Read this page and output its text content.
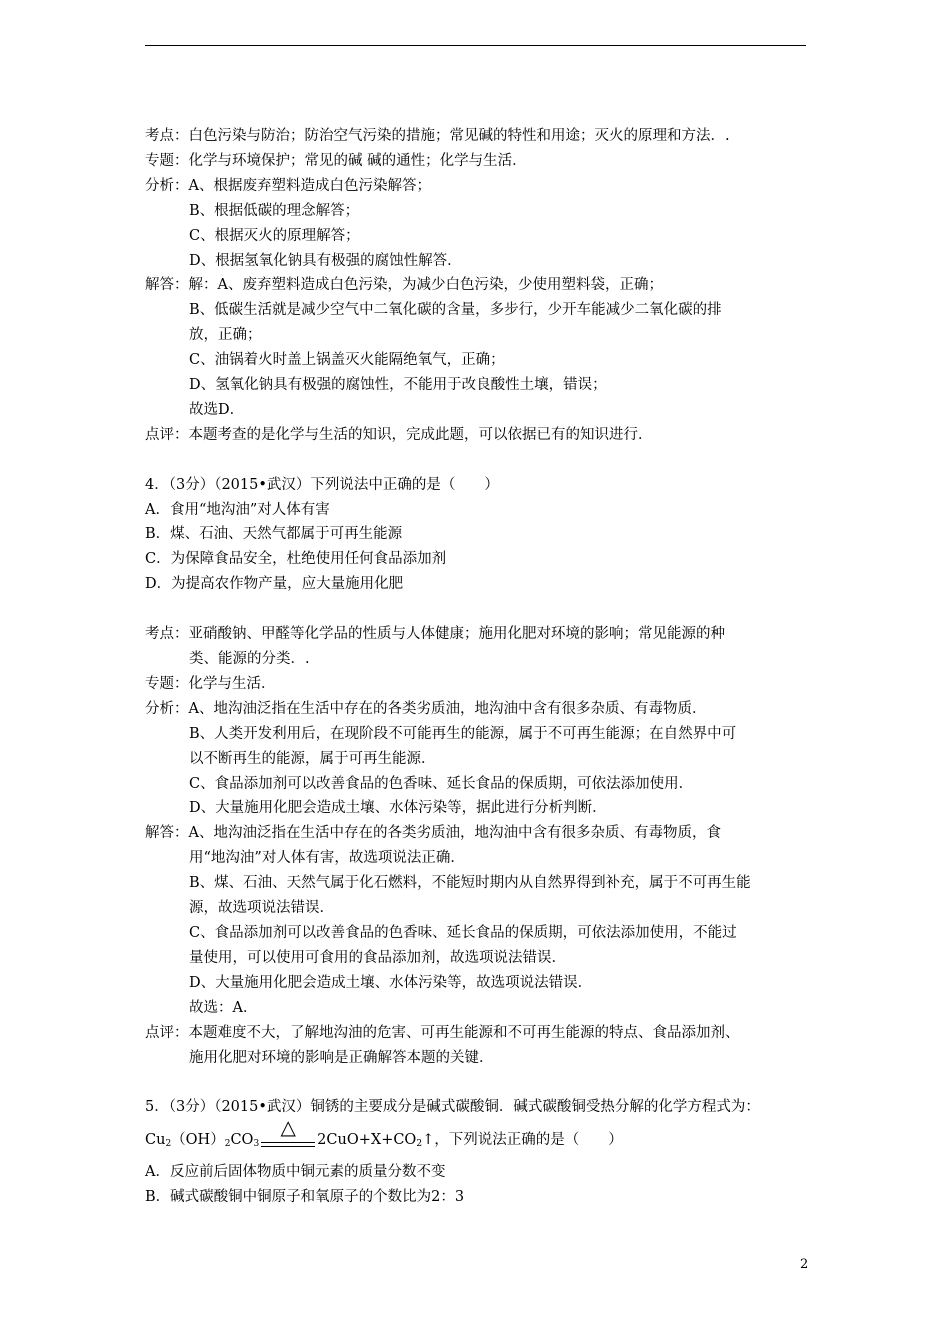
考点：白色污染与防治；防治空气污染的措施；常见碱的特性和用途；灭火的原理和方法．.
专题：化学与环境保护；常见的碱 碱的通性；化学与生活．
分析：A、根据废弃塑料造成白色污染解答；
B、根据低碳的理念解答；
C、根据灭火的原理解答；
D、根据氢氧化钠具有极强的腐蚀性解答．
解答：解：A、废弃塑料造成白色污染，为减少白色污染，少使用塑料袋，正确；
B、低碳生活就是减少空气中二氧化碳的含量，多步行，少开车能减少二氧化碳的排
放，正确；
C、油锅着火时盖上锅盖灭火能隔绝氧气，正确；
D、氢氧化钠具有极强的腐蚀性，不能用于改良酸性土壤，错误；
故选D．
点评：本题考查的是化学与生活的知识，完成此题，可以依据已有的知识进行．
4．（3分）（2015•武汉）下列说法中正确的是（　　）
A．食用“地沟油”对人体有害
B．煤、石油、天然气都属于可再生能源
C．为保障食品安全，杜绝使用任何食品添加剂
D．为提高农作物产量，应大量施用化肥
考点：亚硝酸钠、甲醛等化学品的性质与人体健康；施用化肥对环境的影响；常见能源的种
类、能源的分类．.
专题：化学与生活．
分析：A、地沟油泛指在生活中存在的各类劣质油，地沟油中含有很多杂质、有毒物质．
B、人类开发利用后，在现阶段不可能再生的能源，属于不可再生能源；在自然界中可
以不断再生的能源，属于可再生能源．
C、食品添加剂可以改善食品的色香味、延长食品的保质期，可依法添加使用．
D、大量施用化肥会造成土壤、水体污染等，据此进行分析判断．
解答：A、地沟油泛指在生活中存在的各类劣质油，地沟油中含有很多杂质、有毒物质，食
用“地沟油”对人体有害，故选项说法正确．
B、煤、石油、天然气属于化石燃料，不能短时期内从自然界得到补充，属于不可再生能
源，故选项说法错误．
C、食品添加剂可以改善食品的色香味、延长食品的保质期，可依法添加使用，不能过
量使用，可以使用可食用的食品添加剂，故选项说法错误．
D、大量施用化肥会造成土壤、水体污染等，故选项说法错误．
故选：A．
点评：本题难度不大，了解地沟油的危害、可再生能源和不可再生能源的特点、食品添加剂、
施用化肥对环境的影响是正确解答本题的关键．
5．（3分）（2015•武汉）铜锈的主要成分是碱式碳酸铜．碱式碳酸铜受热分解的化学方程式为：
$Cu_2(OH)_2CO_3$
△
$2CuO+X+CO_2↑$，下列说法正确的是（　　）
A．反应前后固体物质中铜元素的质量分数不变
B．碱式碳酸铜中铜原子和氧原子的个数比为2：3
2
